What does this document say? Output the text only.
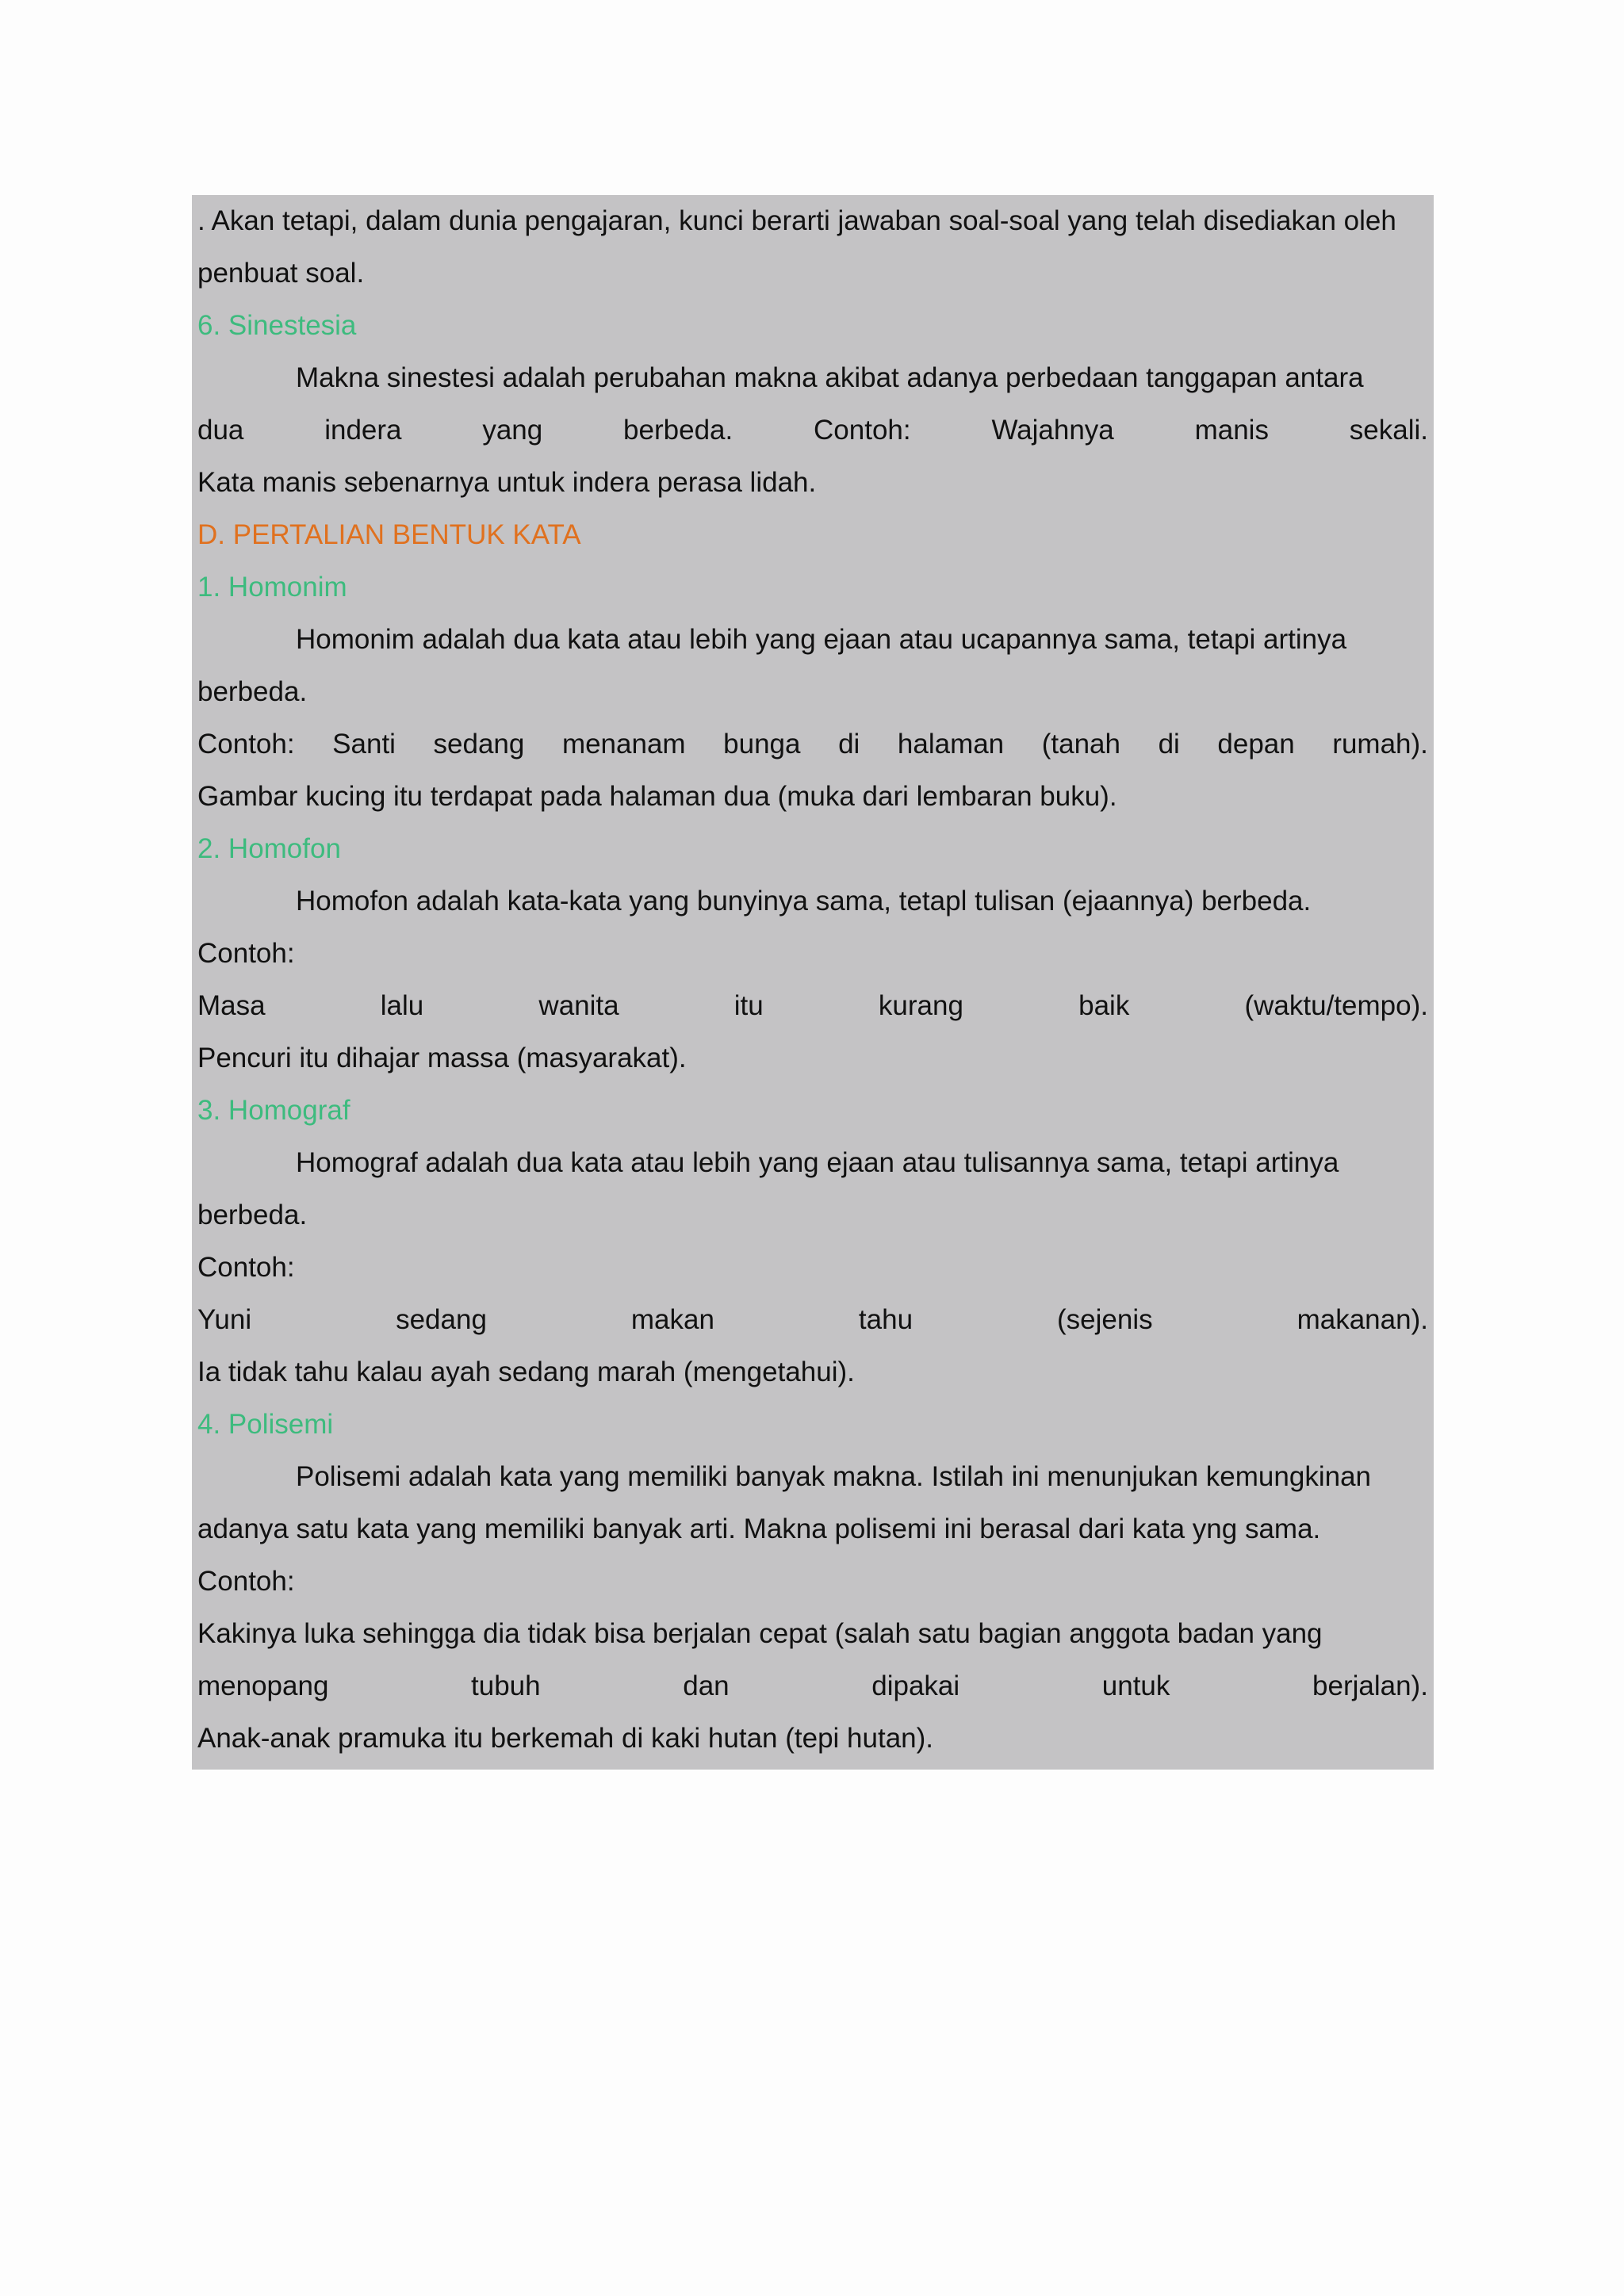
. Akan tetapi, dalam dunia pengajaran, kunci berarti jawaban soal-soal yang telah disediakan oleh
penbuat soal.
6. Sinestesia
Makna sinestesi adalah perubahan makna akibat adanya perbedaan tanggapan antara
dua	indera	yang	berbeda.	Contoh:	Wajahnya	manis	sekali.
Kata manis sebenarnya untuk indera perasa lidah.
D. PERTALIAN BENTUK KATA
1. Homonim
Homonim adalah dua kata atau lebih yang ejaan atau ucapannya sama, tetapi artinya
berbeda.
Contoh: Santi sedang menanam bunga di halaman (tanah di depan rumah).
Gambar kucing itu terdapat pada halaman dua (muka dari lembaran buku).
2. Homofon
Homofon adalah kata-kata yang bunyinya sama, tetapl tulisan (ejaannya) berbeda.
Contoh:
Masa	lalu	wanita	itu	kurang	baik	(waktu/tempo).
Pencuri itu dihajar massa (masyarakat).
3. Homograf
Homograf adalah dua kata atau lebih yang ejaan atau tulisannya sama, tetapi artinya
berbeda.
Contoh:
Yuni	sedang	makan	tahu	(sejenis	makanan).
Ia tidak tahu kalau ayah sedang marah (mengetahui).
4. Polisemi
Polisemi adalah kata yang memiliki banyak makna. Istilah ini menunjukan kemungkinan
adanya satu kata yang memiliki banyak arti. Makna polisemi ini berasal dari kata yng sama.
Contoh:
Kakinya luka sehingga dia tidak bisa berjalan cepat (salah satu bagian anggota badan yang
menopang	tubuh	dan	dipakai	untuk	berjalan).
Anak-anak pramuka itu berkemah di kaki hutan (tepi hutan).
